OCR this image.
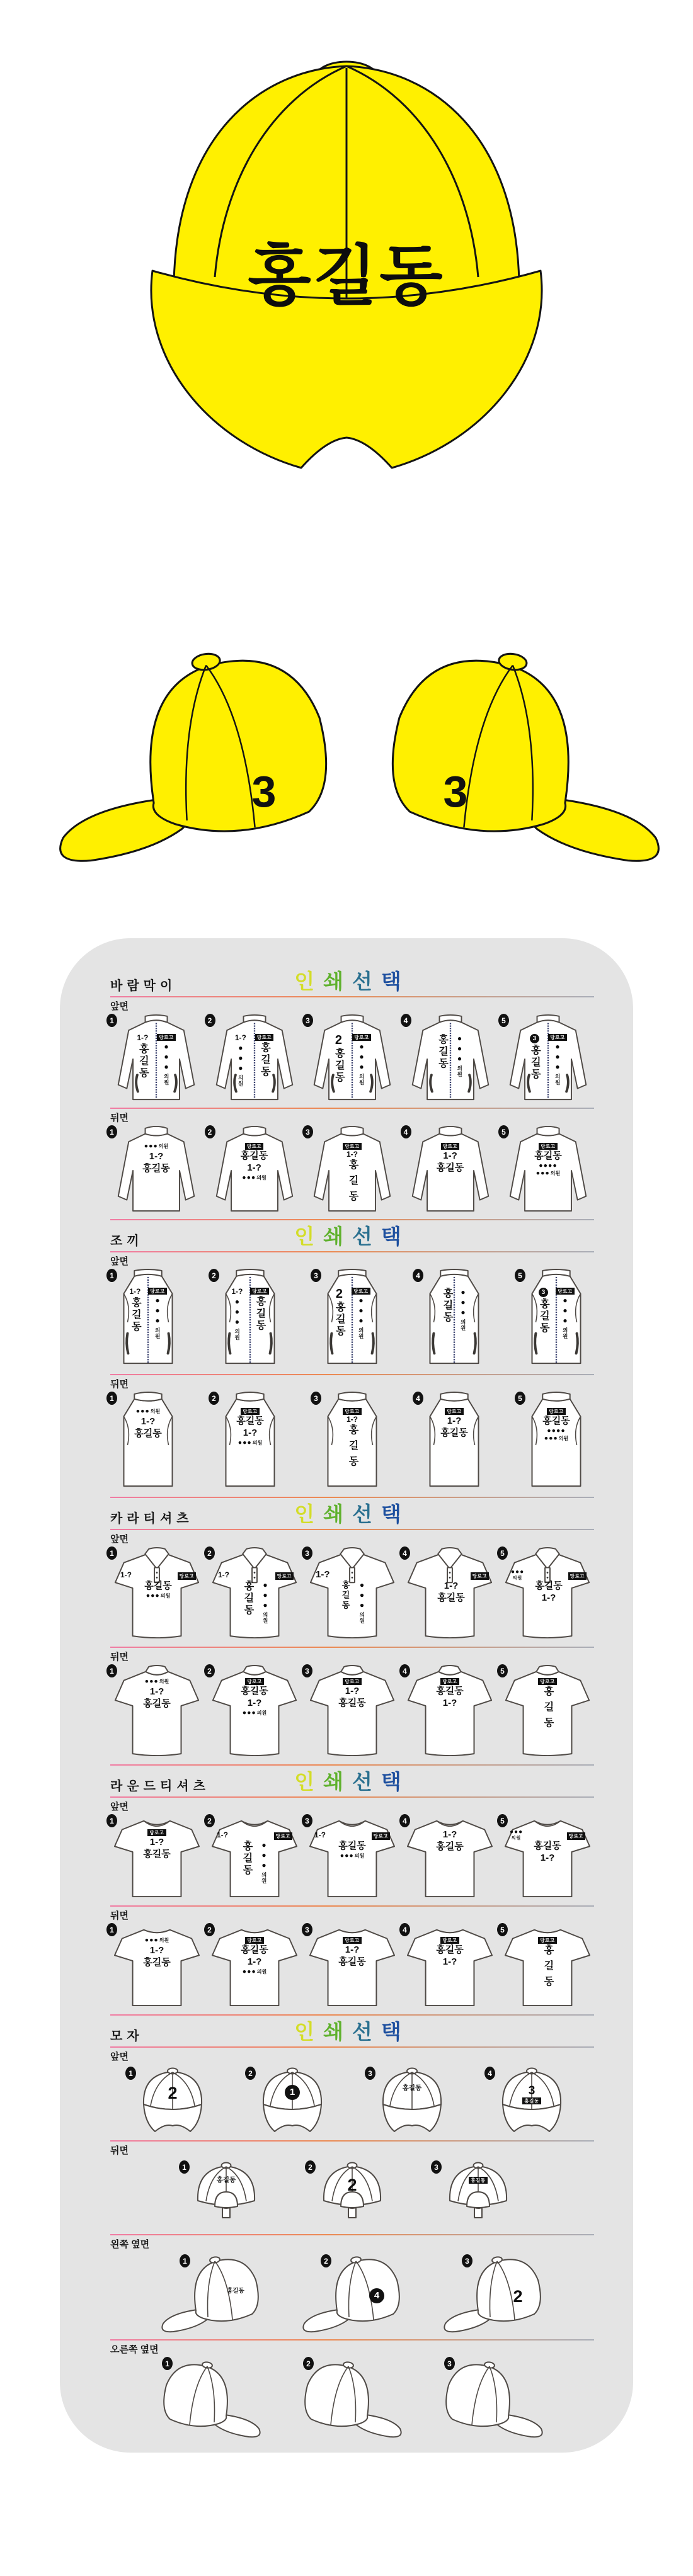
홍길동
3	3
바람막이	인쇄선택
앞면
1
1-?
홍길동
당로고
●●●
의원
2
1-?
●●●
의원
당로고
홍길동
3
2
홍길동
당로고
●●●
의원
4
홍길동 ●●●
의원
5
3
홍길동
당로고
●●●
의원
뒤면
1
●●●의원
1-?
홍길동
2
당로고
홍길동
1-?
●●●의원
3
당로고
1-?
홍길동
4
당로고
1-?
홍길동
5
당로고
홍길동
●●●●
●●●의원
조끼	인쇄선택
앞면
1
1-?
홍길동
당로고
●●●
의원
2
1-?
●●●
의원
당로고
홍길동
3
2
홍길동
당로고
●●●
의원
4
홍길동 ●●●
의원
5
3
홍길동
당로고
●●●
의원
뒤면
1
●●●의원
1-?
홍길동
2
당로고
홍길동
1-?
●●●의원
3
당로고
1-?
홍길동
4
당로고
1-?
홍길동
5
당로고
홍길동
●●●●
●●●의원
카라티셔츠	인쇄선택
앞면
1
1-?	당로고
홍길동
●●●의원
2
1-?	당로고
홍길동 ●●●
의원
3
1-?
홍길동 ●●●
의원
4
당로고
1-?
홍길동
5
●●●
의원	당로고
홍길동
1-?
뒤면
1
●●●의원
1-?
홍길동
2
당로고
홍길동
1-?
●●●의원
3
당로고
1-?
홍길동
4
당로고
홍길동
1-?
5
당로고
홍길동
라운드티셔츠	인쇄선택
앞면
1
당로고
1-?
홍길동
2
1-?	당로고
홍길동 ●●●
의원
3
1-?	당로고
홍길동
●●●의원
4
1-?
홍길동
5
●●●
의원	당로고
홍길동
1-?
뒤면
1
●●●의원
1-?
홍길동
2
당로고
홍길동
1-?
●●●의원
3
당로고
1-?
홍길동
4
당로고
홍길동
1-?
5
당로고
홍길동
모자	인쇄선택
앞면
1
2
2
1
3
홍길동
4
3
홍길동
뒤면
1
홍길동
2
2
3
홍길동
왼쪽 옆면
1
홍길동
2
4
3
2
오른쪽 옆면
1	2	3
